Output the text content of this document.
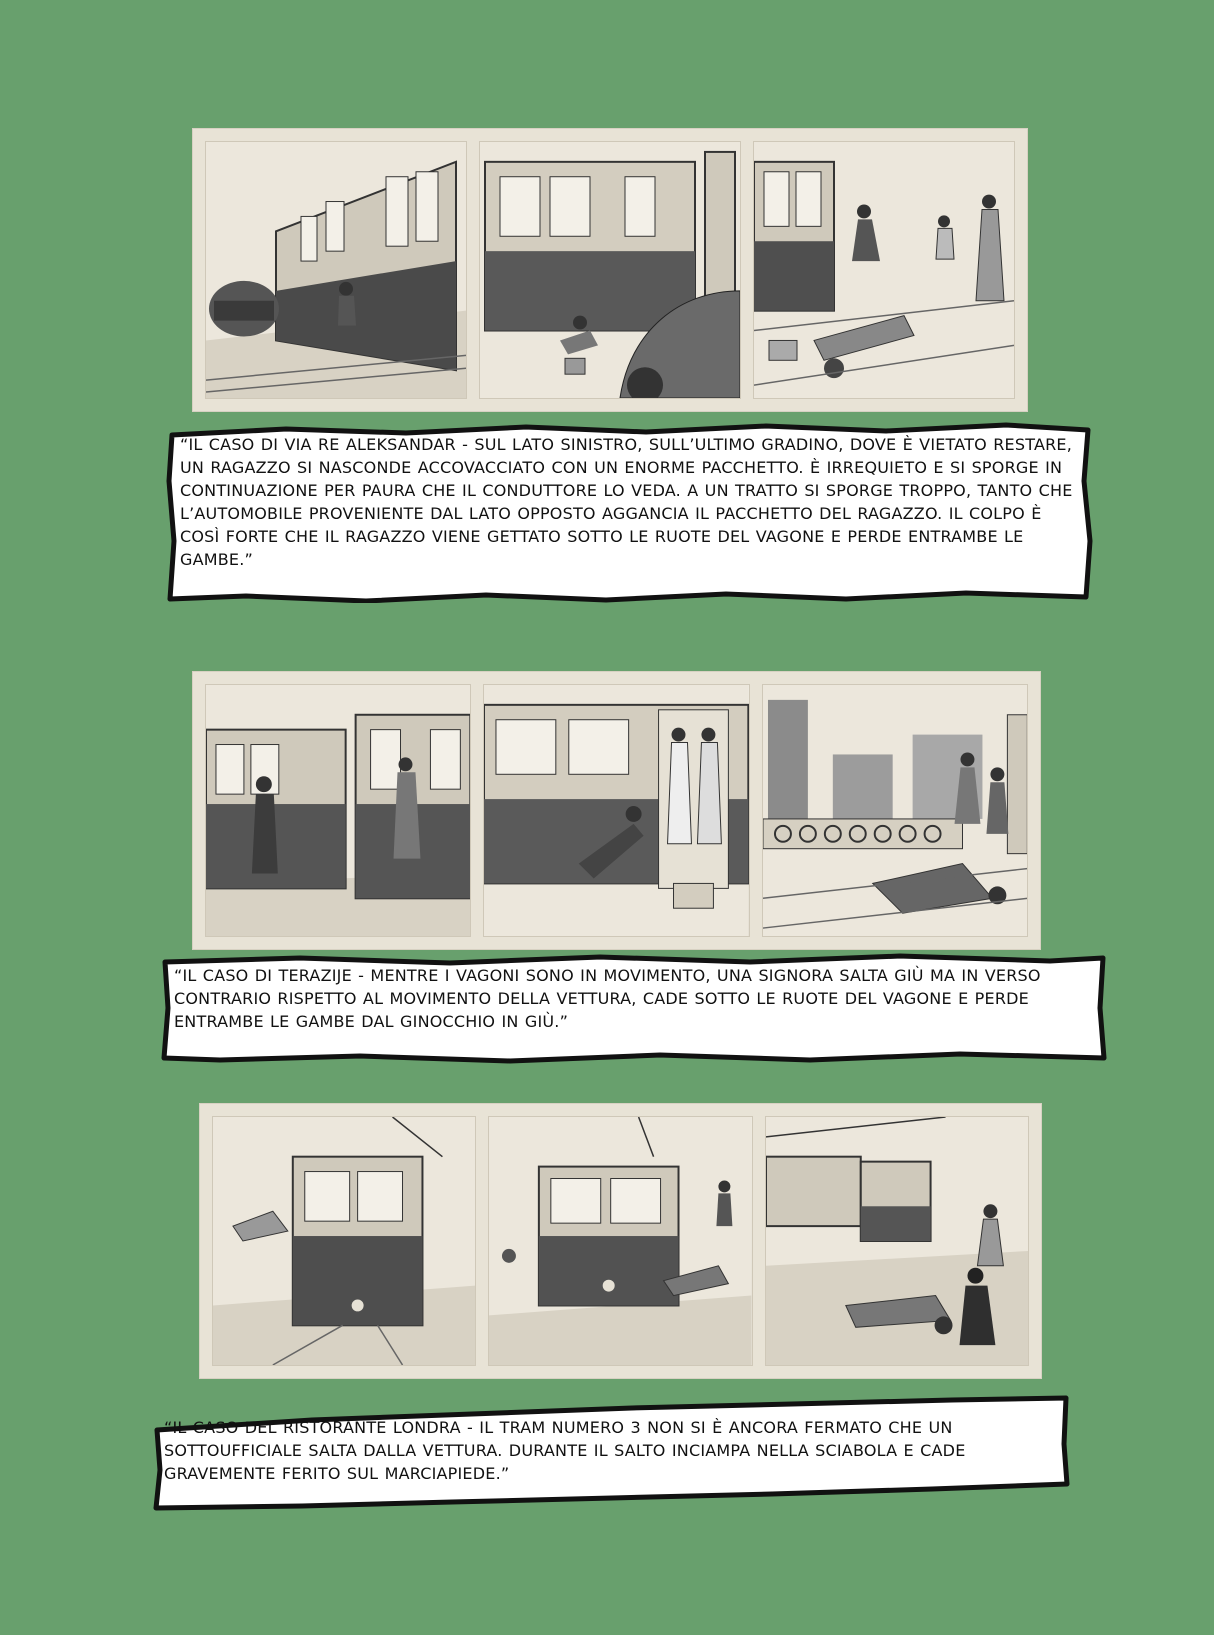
“IL CASO DI VIA RE ALEKSANDAR - SUL LATO SINISTRO, SULL’ULTIMO GRADINO, DOVE È VIETATO RESTARE, UN RAGAZZO SI NASCONDE ACCOVACCIATO CON UN ENORME PACCHETTO. È IRREQUIETO E SI SPORGE IN CONTINUAZIONE PER PAURA CHE IL CONDUTTORE LO VEDA. A UN TRATTO SI SPORGE TROPPO, TANTO CHE L’AUTOMOBILE PROVENIENTE DAL LATO OPPOSTO AGGANCIA IL PACCHETTO DEL RAGAZZO. IL COLPO È COSÌ FORTE CHE IL RAGAZZO VIENE GETTATO SOTTO LE RUOTE DEL VAGONE E PERDE ENTRAMBE LE GAMBE.”

“IL CASO DI TERAZIJE - MENTRE I VAGONI SONO IN MOVIMENTO, UNA SIGNORA SALTA GIÙ MA IN VERSO CONTRARIO RISPETTO AL MOVIMENTO DELLA VETTURA, CADE SOTTO LE RUOTE DEL VAGONE E PERDE ENTRAMBE LE GAMBE DAL GINOCCHIO IN GIÙ.”

“IL CASO DEL RISTORANTE LONDRA - IL TRAM NUMERO 3 NON SI È ANCORA FERMATO CHE UN SOTTOUFFICIALE SALTA DALLA VETTURA. DURANTE IL SALTO INCIAMPA NELLA SCIABOLA E CADE GRAVEMENTE FERITO SUL MARCIAPIEDE.”
